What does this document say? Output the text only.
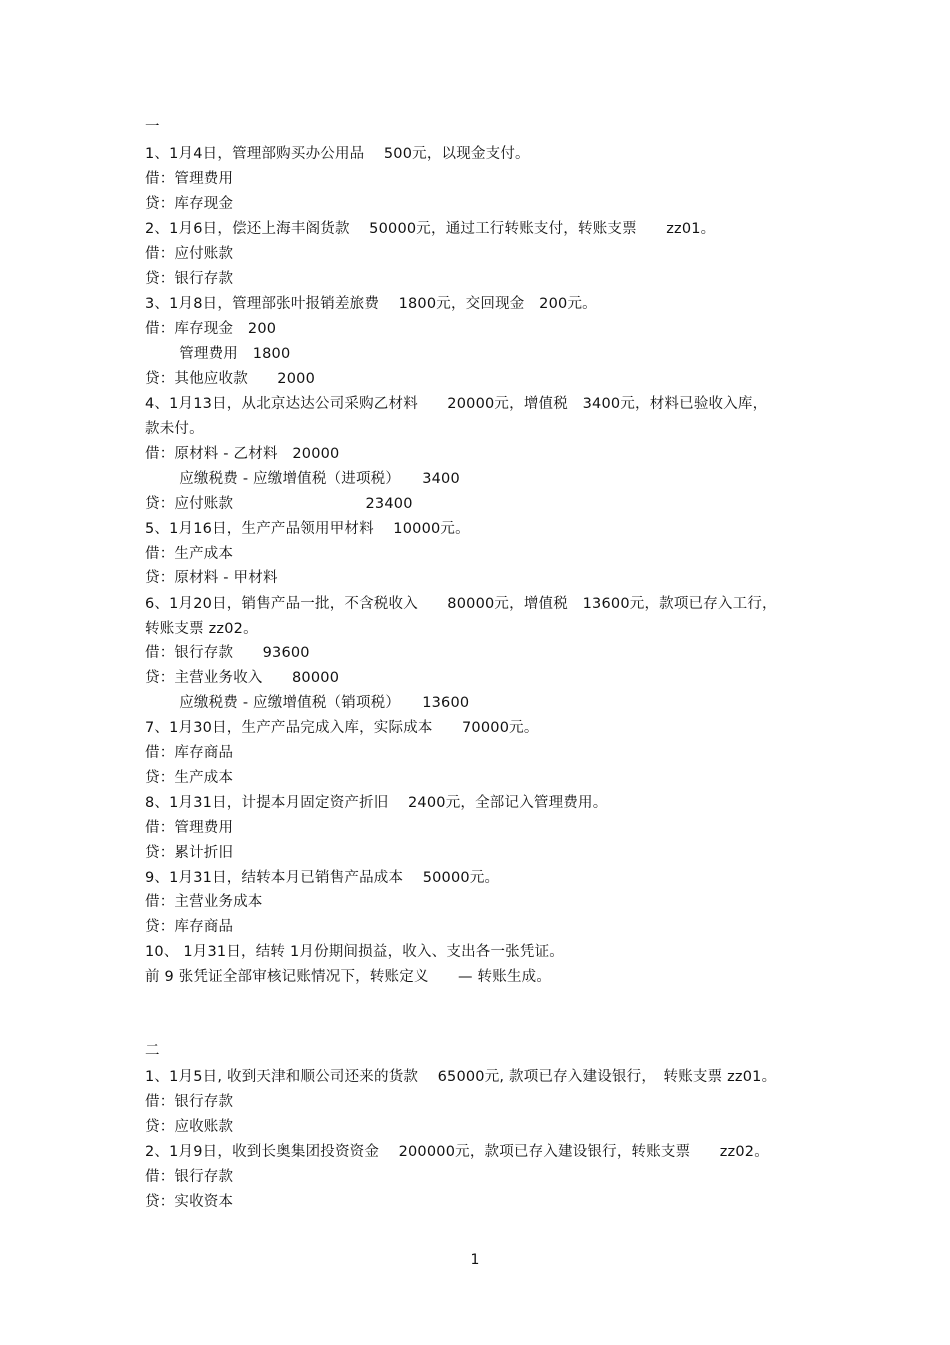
一
1、1月4日，管理部购买办公用品　 500元，以现金支付。
借：管理费用
贷：库存现金
2、1月6日，偿还上海丰阁货款　 50000元，通过工行转账支付，转账支票　　zz01。
借：应付账款
贷：银行存款
3、1月8日，管理部张叶报销差旅费　 1800元，交回现金　200元。
借：库存现金　200
　　 管理费用　1800
贷：其他应收款　　2000
4、1月13日，从北京达达公司采购乙材料　　20000元，增值税　3400元，材料已验收入库，
款未付。
借：原材料 - 乙材料　20000
　　 应缴税费 - 应缴增值税（进项税）　　3400
贷：应付账款　　　　　　　　　23400
5、1月16日，生产产品领用甲材料　 10000元。
借：生产成本
贷：原材料 - 甲材料
6、1月20日，销售产品一批，不含税收入　　80000元，增值税　13600元，款项已存入工行，
转账支票 zz02。
借：银行存款　　93600
贷：主营业务收入　　80000
　　 应缴税费 - 应缴增值税（销项税）　　13600
7、1月30日，生产产品完成入库，实际成本　　70000元。
借：库存商品
贷：生产成本
8、1月31日，计提本月固定资产折旧　 2400元，全部记入管理费用。
借：管理费用
贷：累计折旧
9、1月31日，结转本月已销售产品成本　 50000元。
借：主营业务成本
贷：库存商品
10、 1月31日，结转 1月份期间损益，收入、支出各一张凭证。
前 9 张凭证全部审核记账情况下，转账定义　　— 转账生成。
二
1、1月5日, 收到天津和顺公司还来的货款　 65000元, 款项已存入建设银行，　转账支票 zz01。
借：银行存款
贷：应收账款
2、1月9日，收到长奥集团投资资金　 200000元，款项已存入建设银行，转账支票　　zz02。
借：银行存款
贷：实收资本
1
